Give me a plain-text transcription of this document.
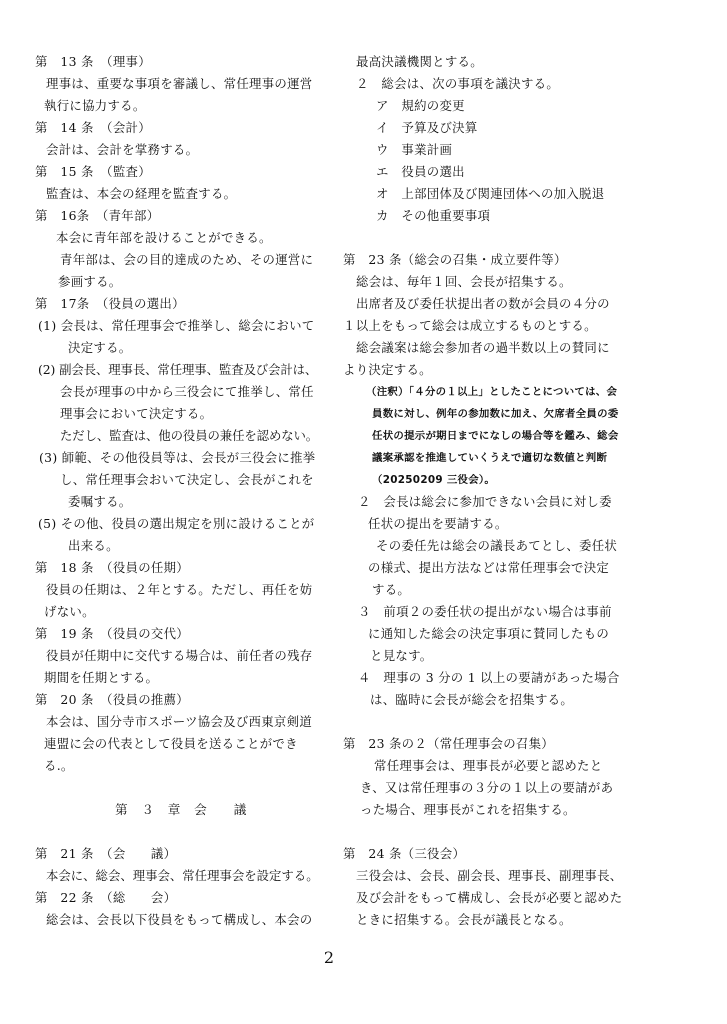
第　13 条　（理事）
理事は、重要な事項を審議し、常任理事の運営
執行に協力する。
第　14 条　（会計）
会計は、会計を掌務する。
第　15 条　（監査）
監査は、本会の経理を監査する。
第　16条　（青年部）
本会に青年部を設けることができる。
青年部は、会の目的達成のため、その運営に
参画する。
第　17条　（役員の選出）
(1) 会長は、常任理事会で推挙し、総会において
決定する。
(2) 副会長、理事長、常任理事、監査及び会計は、
会長が理事の中から三役会にて推挙し、常任
理事会において決定する。
ただし、監査は、他の役員の兼任を認めない。
(3) 師範、その他役員等は、会長が三役会に推挙
し、常任理事会おいて決定し、会長がこれを
委嘱する。
(5) その他、役員の選出規定を別に設けることが
出来る。
第　18 条　（役員の任期）
役員の任期は、２年とする。ただし、再任を妨
げない。
第　19 条　（役員の交代）
役員が任期中に交代する場合は、前任者の残存
期間を任期とする。
第　20 条　（役員の推薦）
本会は、国分寺市スポーツ協会及び西東京剣道
連盟に会の代表として役員を送ることができ
る.。
第　３　章　会　　議
第　21 条　（会　　議）
本会に、総会、理事会、常任理事会を設定する。
第　22 条　（総　　会）
総会は、会長以下役員をもって構成し、本会の
最高決議機関とする。
２　総会は、次の事項を議決する。
ア　規約の変更
イ　予算及び決算
ウ　事業計画
エ　役員の選出
オ　上部団体及び関連団体への加入脱退
カ　その他重要事項
第　23 条（総会の召集・成立要件等）
総会は、毎年１回、会長が招集する。
出席者及び委任状提出者の数が会員の４分の
１以上をもって総会は成立するものとする。
総会議案は総会参加者の過半数以上の賛同に
より決定する。
（注釈）「４分の１以上」としたことについては、会
員数に対し、例年の参加数に加え、欠席者全員の委
任状の提示が期日までになしの場合等を鑑み、総会
議案承認を推進していくうえで適切な数値と判断
（20250209 三役会）。
２　会長は総会に参加できない会員に対し委
任状の提出を要請する。
その委任先は総会の議長あてとし、委任状
の様式、提出方法などは常任理事会で決定
する。
３　前項２の委任状の提出がない場合は事前
に通知した総会の決定事項に賛同したもの
と見なす。
４　理事の 3 分の 1 以上の要請があった場合
は、臨時に会長が総会を招集する。
第　23 条の２（常任理事会の召集）
常任理事会は、理事長が必要と認めたと
き、又は常任理事の３分の１以上の要請があ
った場合、理事長がこれを招集する。
第　24 条（三役会）
三役会は、会長、副会長、理事長、副理事長、
及び会計をもって構成し、会長が必要と認めた
ときに招集する。会長が議長となる。
2
